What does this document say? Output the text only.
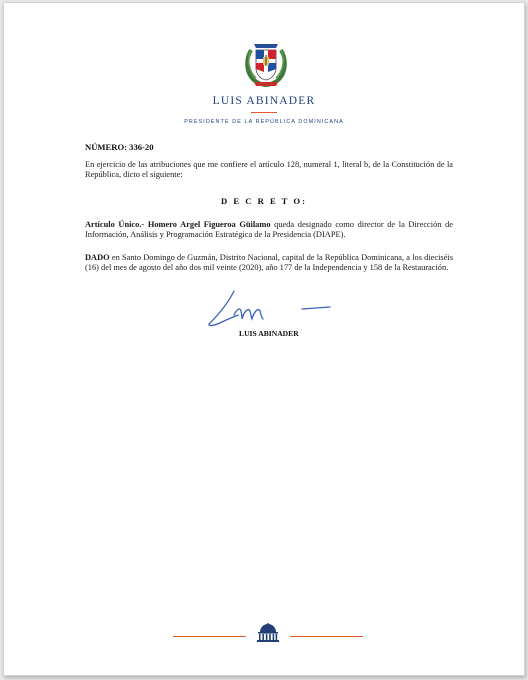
LUIS ABINADER
PRESIDENTE DE LA REPÚBLICA DOMINICANA
NÚMERO: 336-20
En ejercicio de las atribuciones que me confiere el artículo 128, numeral 1, literal b, de la Constitución de la República, dicto el siguiente:
D E C R E T O:
Artículo Único.- Homero Argel Figueroa Güilamo queda designado como director de la Dirección de Información, Análisis y Programación Estratégica de la Presidencia (DIAPE).
DADO en Santo Domingo de Guzmán, Distrito Nacional, capital de la República Dominicana, a los dieciséis (16) del mes de agosto del año dos mil veinte (2020), año 177 de la Independencia y 158 de la Restauración.
LUIS ABINADER
